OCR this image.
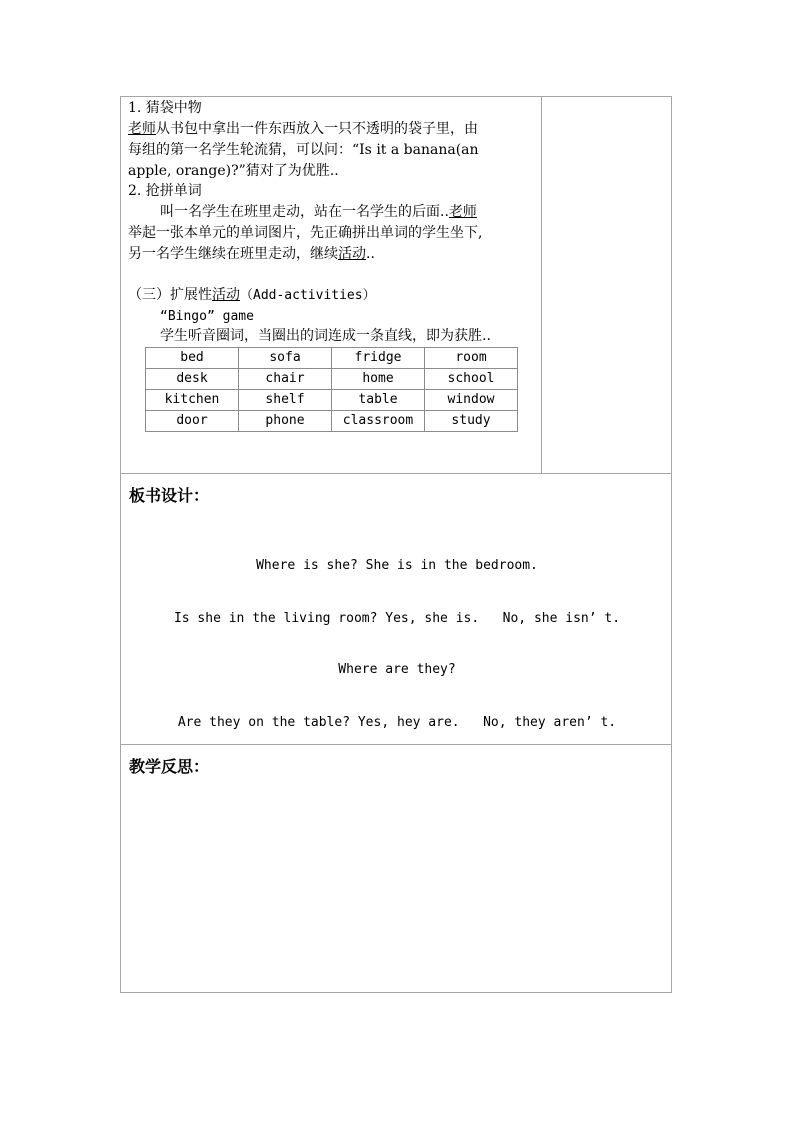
1. 猜袋中物
老师从书包中拿出一件东西放入一只不透明的袋子里，由
每组的第一名学生轮流猜，可以问：“Is it a banana(an
apple, orange)?”猜对了为优胜..
2. 抢拼单词
叫一名学生在班里走动，站在一名学生的后面..老师
举起一张本单元的单词图片，先正确拼出单词的学生坐下,
另一名学生继续在班里走动，继续活动..
（三）扩展性活动（Add-activities）
“Bingo” game
学生听音圈词，当圈出的词连成一条直线，即为获胜..
bed	sofa	fridge	room
desk	chair	home	school
kitchen	shelf	table	window
door	phone	classroom	study
板书设计：
Where is she? She is in the bedroom.
Is she in the living room? Yes, she is.   No, she isn’ t.
Where are they?
Are they on the table? Yes, hey are.   No, they aren’ t.
教学反思：
